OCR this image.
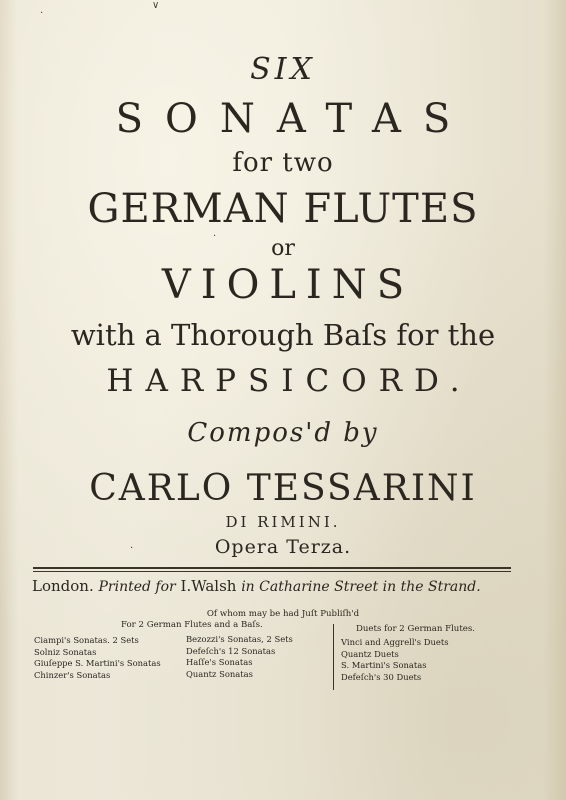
·
∨
·
·
SIX
SONATAS
for two
GERMAN FLUTES
or
VIOLINS
with a Thorough Baſs for the
HARPSICORD.
Compos'd by
CARLO TESSARINI
DI RIMINI.
Opera Terza.
London. Printed for I.Walsh in Catharine Street in the Strand.
Of whom may be had Juſt Publiſh'd
For 2 German Flutes and a Baſs.	Duets for 2 German Flutes.
Ciampi's Sonatas. 2 Sets
Solniz Sonatas
Giuſeppe S. Martini's Sonatas
Chinzer's Sonatas
Bezozzi's Sonatas, 2 Sets
Defeſch's 12 Sonatas
Haſſe's Sonatas
Quantz Sonatas
Vinci and Aggrell's Duets
Quantz Duets
S. Martini's Sonatas
Defeſch's 30 Duets
